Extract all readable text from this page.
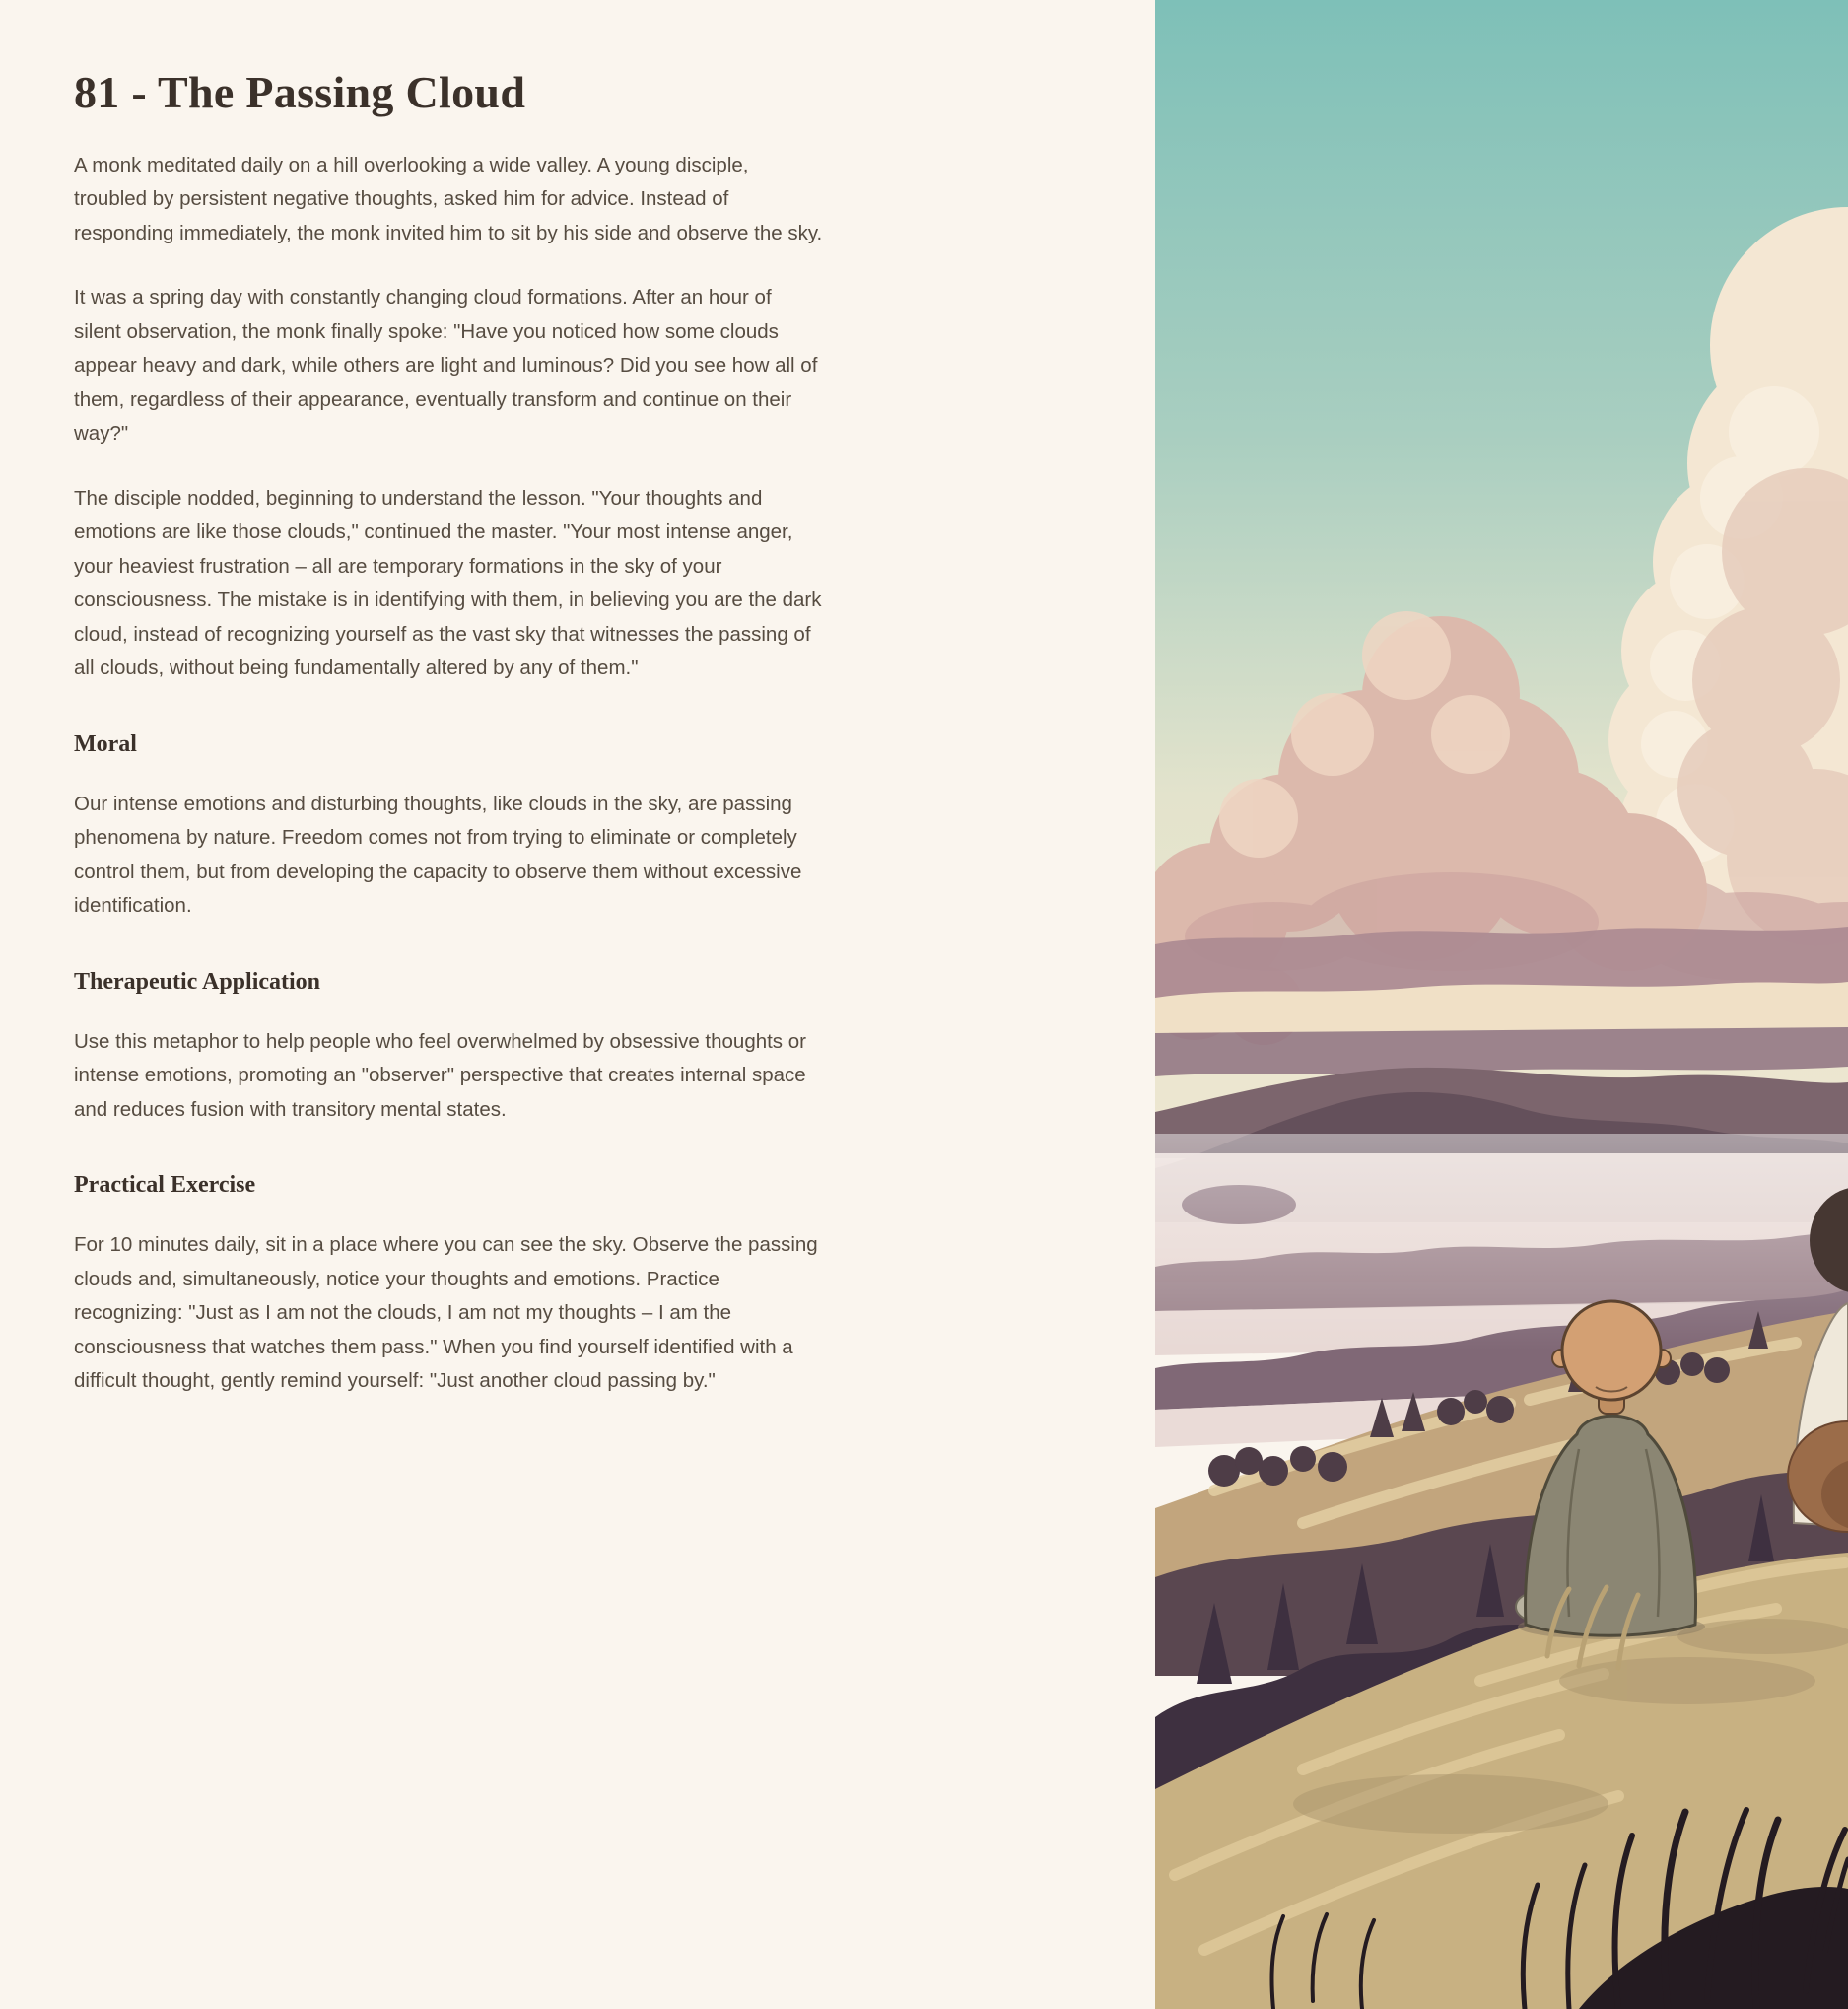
81 - The Passing Cloud

A monk meditated daily on a hill overlooking a wide valley. A young disciple, troubled by persistent negative thoughts, asked him for advice. Instead of responding immediately, the monk invited him to sit by his side and observe the sky.

It was a spring day with constantly changing cloud formations. After an hour of silent observation, the monk finally spoke: "Have you noticed how some clouds appear heavy and dark, while others are light and luminous? Did you see how all of them, regardless of their appearance, eventually transform and continue on their way?"

The disciple nodded, beginning to understand the lesson. "Your thoughts and emotions are like those clouds," continued the master. "Your most intense anger, your heaviest frustration – all are temporary formations in the sky of your consciousness. The mistake is in identifying with them, in believing you are the dark cloud, instead of recognizing yourself as the vast sky that witnesses the passing of all clouds, without being fundamentally altered by any of them."

Moral

Our intense emotions and disturbing thoughts, like clouds in the sky, are passing phenomena by nature. Freedom comes not from trying to eliminate or completely control them, but from developing the capacity to observe them without excessive identification.

Therapeutic Application

Use this metaphor to help people who feel overwhelmed by obsessive thoughts or intense emotions, promoting an "observer" perspective that creates internal space and reduces fusion with transitory mental states.

Practical Exercise

For 10 minutes daily, sit in a place where you can see the sky. Observe the passing clouds and, simultaneously, notice your thoughts and emotions. Practice recognizing: "Just as I am not the clouds, I am not my thoughts – I am the consciousness that watches them pass." When you find yourself identified with a difficult thought, gently remind yourself: "Just another cloud passing by."
